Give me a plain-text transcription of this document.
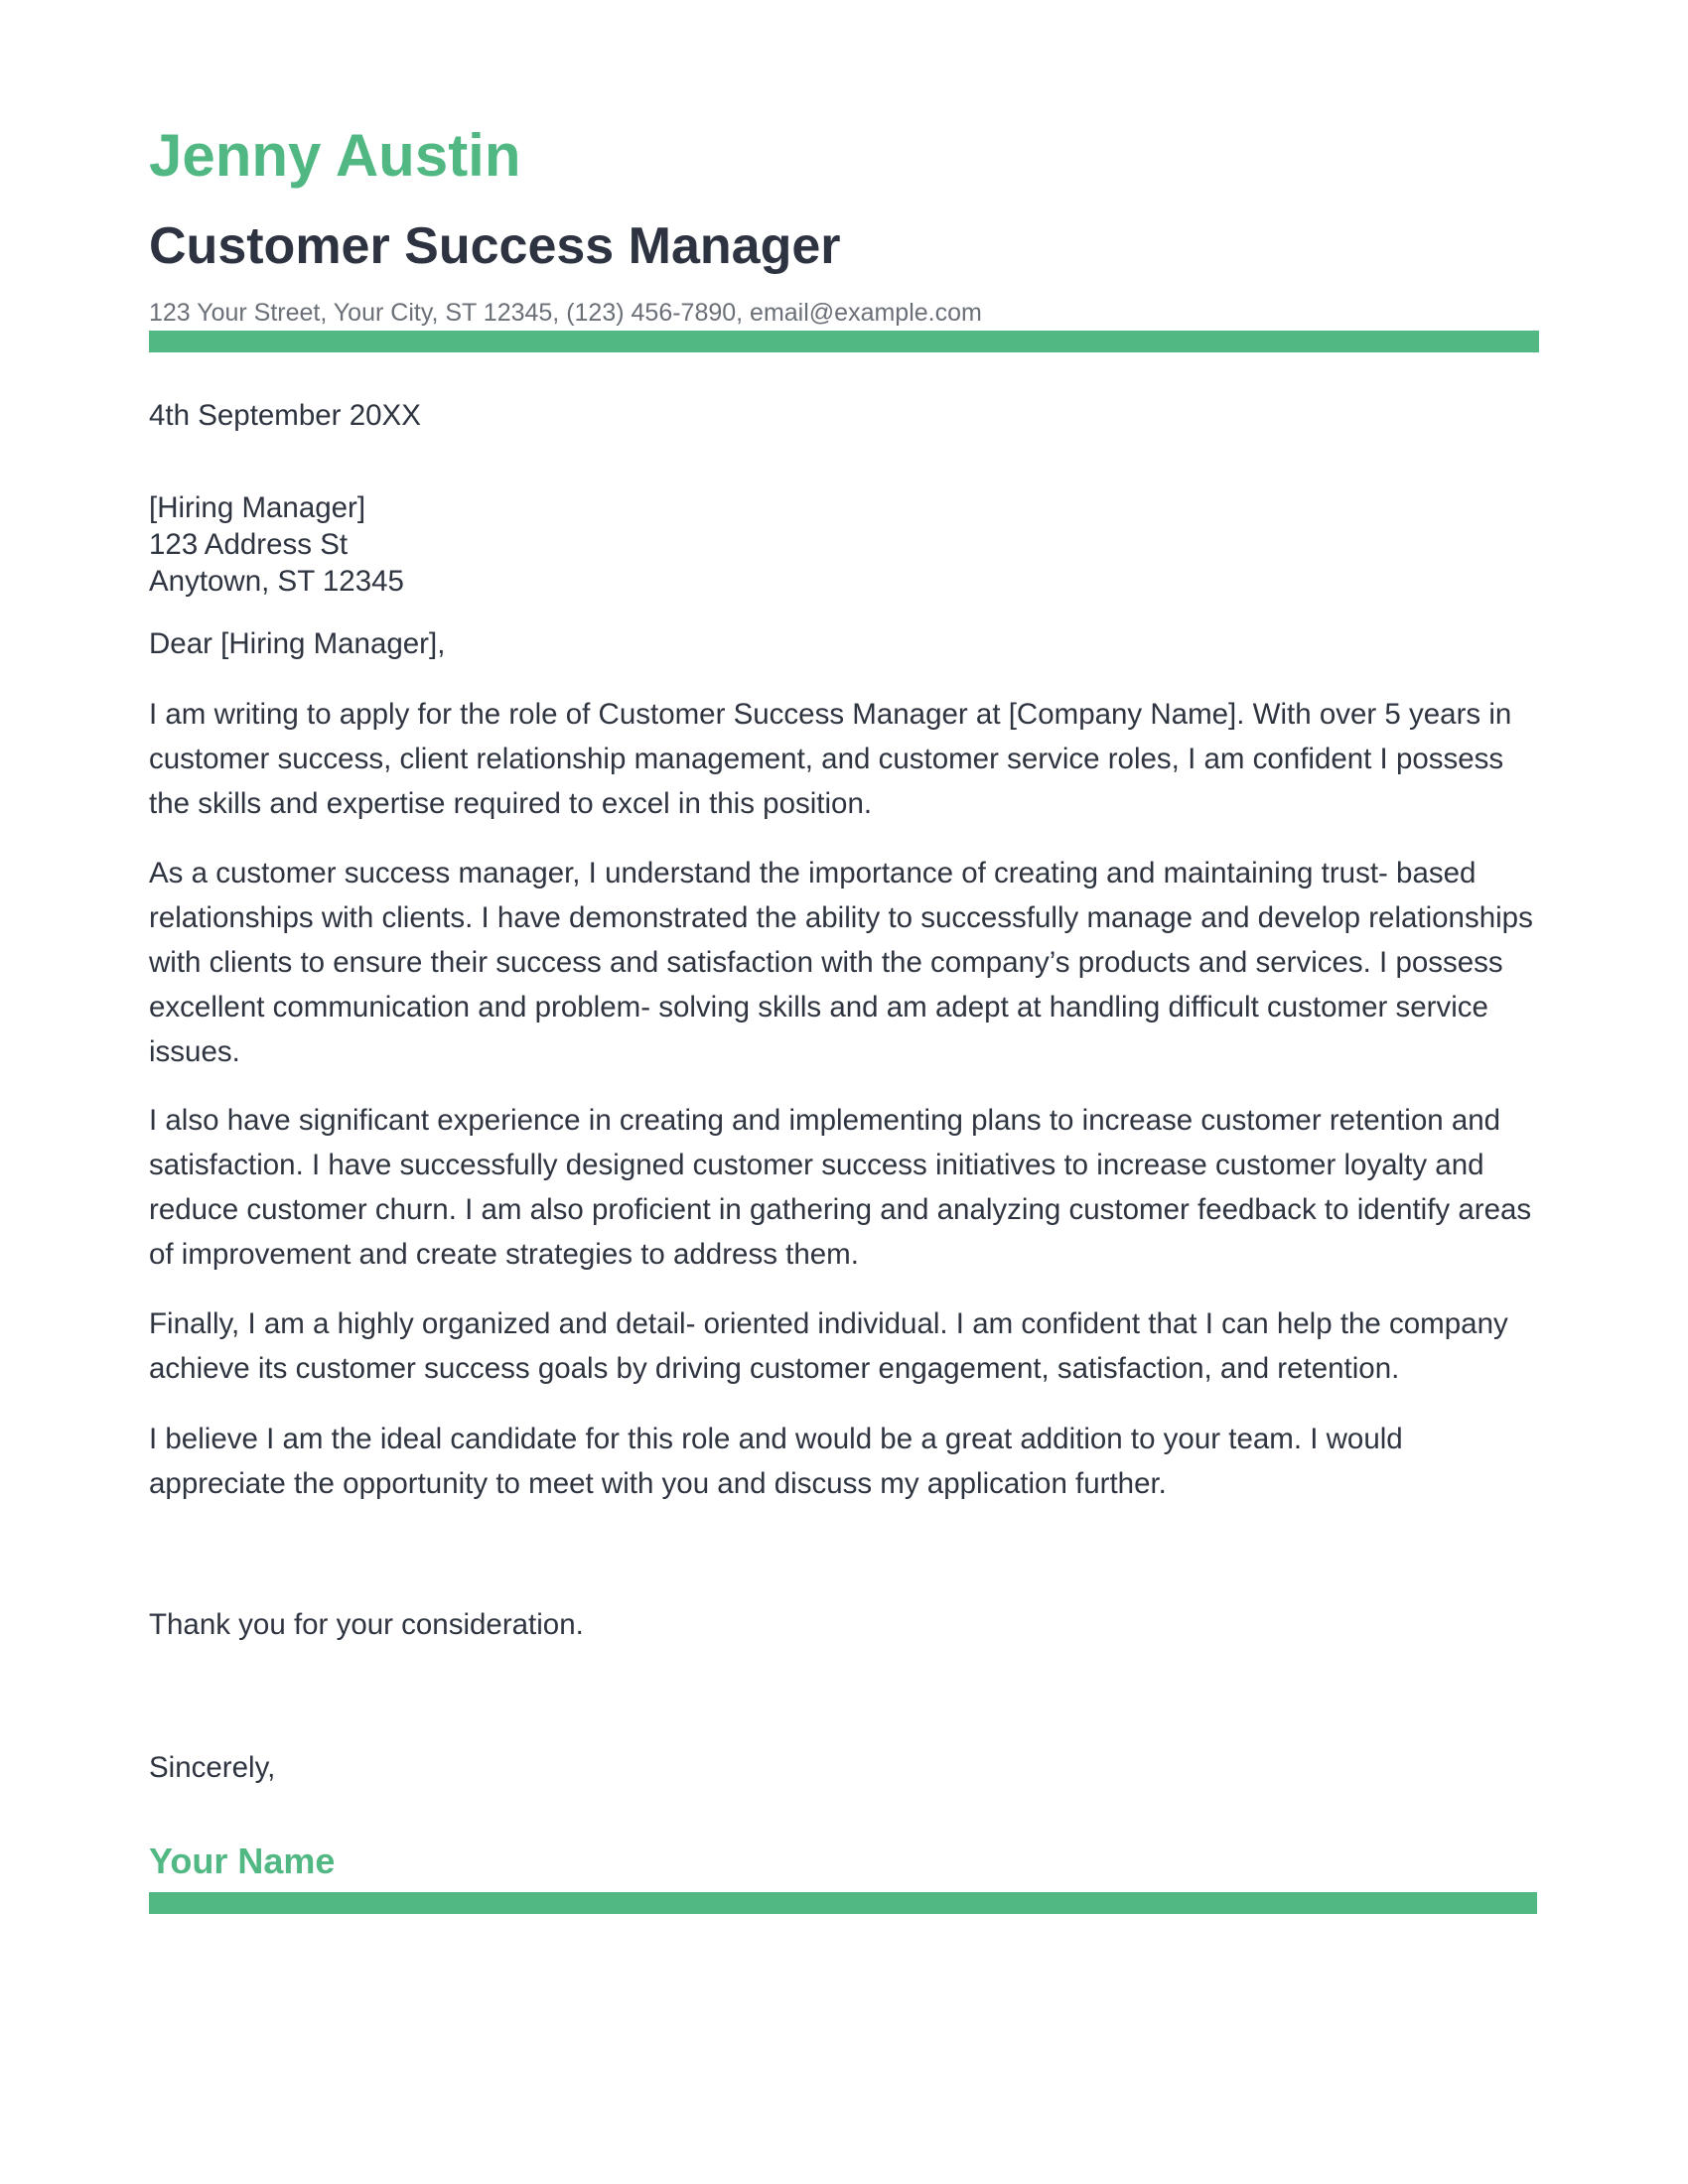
Jenny Austin
Customer Success Manager
123 Your Street, Your City, ST 12345, (123) 456-7890, email@example.com
4th September 20XX
[Hiring Manager]
123 Address St
Anytown, ST 12345
Dear [Hiring Manager],

I am writing to apply for the role of Customer Success Manager at [Company Name]. With over 5 years in customer success, client relationship management, and customer service roles, I am confident I possess the skills and expertise required to excel in this position.

As a customer success manager, I understand the importance of creating and maintaining trust- based relationships with clients. I have demonstrated the ability to successfully manage and develop relationships with clients to ensure their success and satisfaction with the company’s products and services. I possess excellent communication and problem- solving skills and am adept at handling difficult customer service issues.

I also have significant experience in creating and implementing plans to increase customer retention and satisfaction. I have successfully designed customer success initiatives to increase customer loyalty and reduce customer churn. I am also proficient in gathering and analyzing customer feedback to identify areas of improvement and create strategies to address them.

Finally, I am a highly organized and detail- oriented individual. I am confident that I can help the company achieve its customer success goals by driving customer engagement, satisfaction, and retention.

I believe I am the ideal candidate for this role and would be a great addition to your team. I would appreciate the opportunity to meet with you and discuss my application further.

Thank you for your consideration.
Sincerely,
Your Name
